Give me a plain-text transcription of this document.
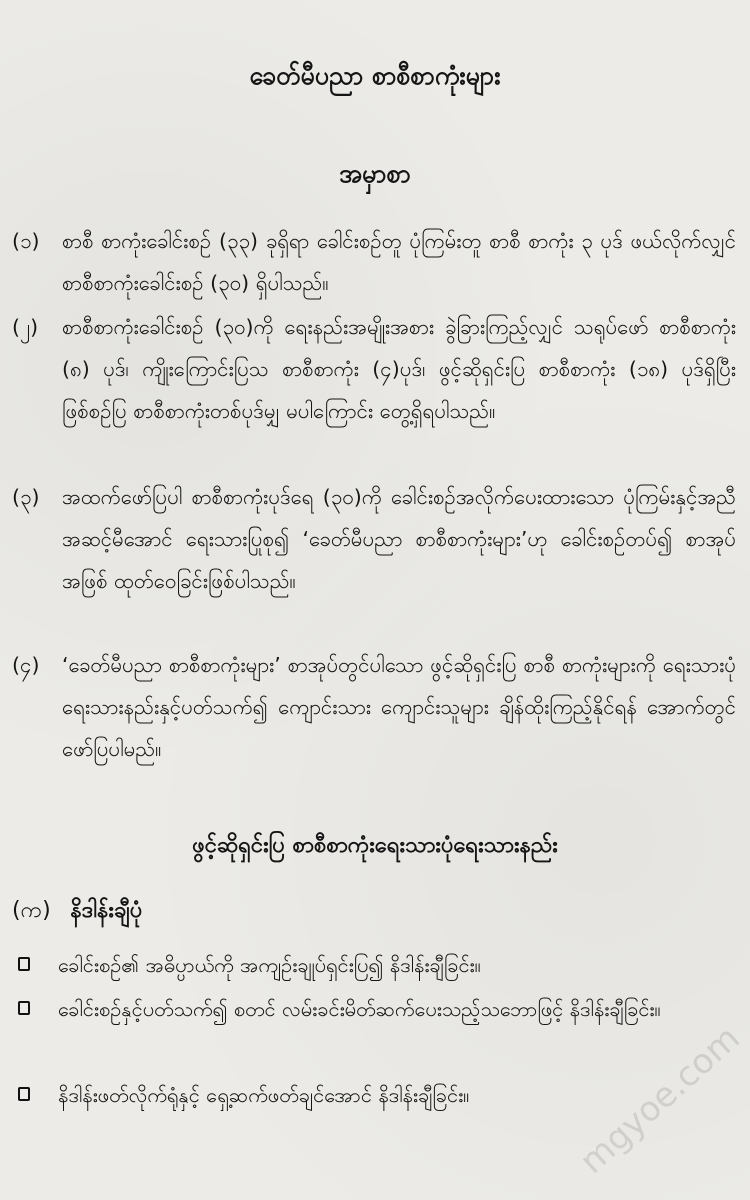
ခေတ်မီပညာ စာစီစာကုံးများ
အမှာစာ
(၁) စာစီ စာကုံးခေါင်းစဉ် (၃၃) ခုရှိရာ ခေါင်းစဉ်တူ ပုံကြမ်းတူ စာစီ စာကုံး ၃ ပုဒ် ဖယ်လိုက်လျှင် စာစီစာကုံးခေါင်းစဉ် (၃၀) ရှိပါသည်။
(၂) စာစီစာကုံးခေါင်းစဉ် (၃၀)ကို ရေးနည်းအမျိုးအစား ခွဲခြားကြည့်လျှင် သရုပ်ဖော် စာစီစာကုံး (၈) ပုဒ်၊ ကျိုးကြောင်းပြသ စာစီစာကုံး (၄)ပုဒ်၊ ဖွင့်ဆိုရှင်းပြ စာစီစာကုံး (၁၈) ပုဒ်ရှိပြီး ဖြစ်စဉ်ပြ စာစီစာကုံးတစ်ပုဒ်မျှ မပါကြောင်း တွေ့ရှိရပါသည်။
(၃) အထက်ဖော်ပြပါ စာစီစာကုံးပုဒ်ရေ (၃၀)ကို ခေါင်းစဉ်အလိုက်ပေးထားသော ပုံကြမ်းနှင့်အညီ အဆင့်မီအောင် ရေးသားပြုစု၍ ‘ခေတ်မီပညာ စာစီစာကုံးများ’ဟု ခေါင်းစဉ်တပ်၍ စာအုပ်အဖြစ် ထုတ်ဝေခြင်းဖြစ်ပါသည်။
(၄) ‘ခေတ်မီပညာ စာစီစာကုံးများ’ စာအုပ်တွင်ပါသော ဖွင့်ဆိုရှင်းပြ စာစီ စာကုံးများကို ရေးသားပုံရေးသားနည်းနှင့်ပတ်သက်၍ ကျောင်းသား ကျောင်းသူများ ချိန်ထိုးကြည့်နိုင်ရန် အောက်တွင် ဖော်ပြပါမည်။
ဖွင့်ဆိုရှင်းပြ စာစီစာကုံးရေးသားပုံရေးသားနည်း
(က) နိဒါန်းချီပုံ
ခေါင်းစဉ်၏ အဓိပ္ပာယ်ကို အကျဉ်းချုပ်ရှင်းပြ၍ နိဒါန်းချီခြင်း။
ခေါင်းစဉ်နှင့်ပတ်သက်၍ စတင် လမ်းခင်းမိတ်ဆက်ပေးသည့်သဘောဖြင့် နိဒါန်းချီခြင်း။
နိဒါန်းဖတ်လိုက်ရုံနှင့် ရှေ့ဆက်ဖတ်ချင်အောင် နိဒါန်းချီခြင်း။	mgyoe.com
